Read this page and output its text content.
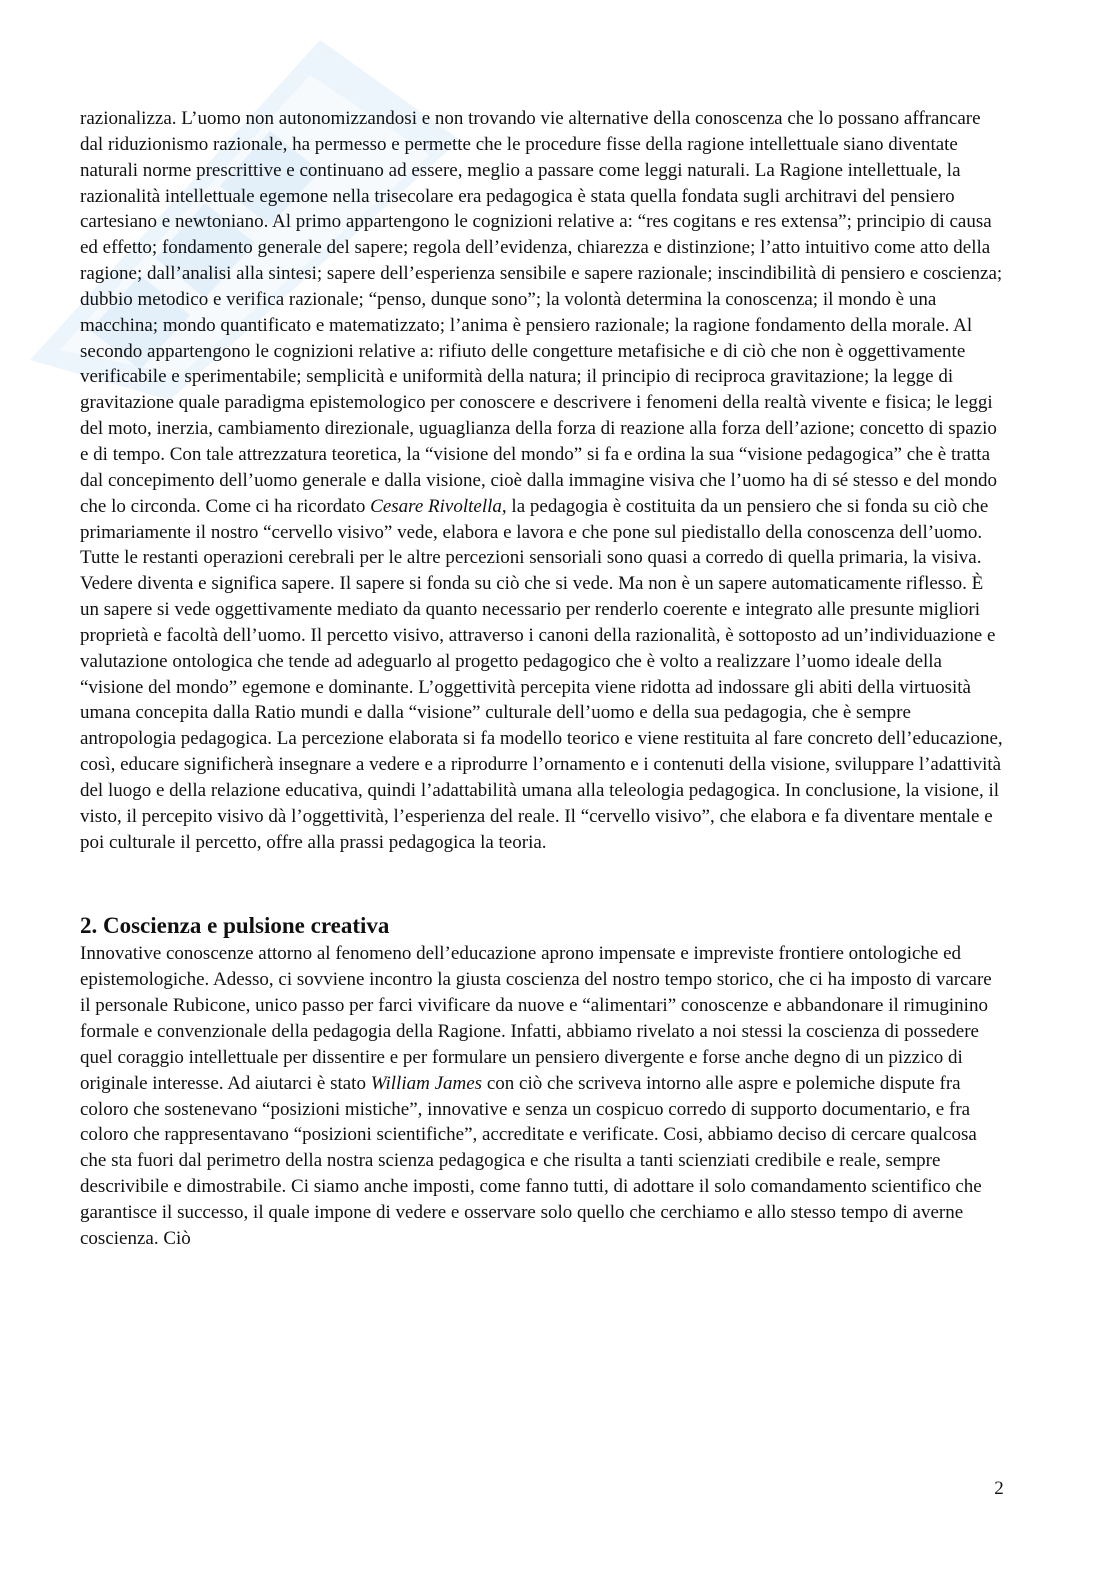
razionalizza. L’uomo non autonomizzandosi e non trovando vie alternative della conoscenza che lo possano affrancare dal riduzionismo razionale, ha permesso e permette che le procedure fisse della ragione intellettuale siano diventate naturali norme prescrittive e continuano ad essere, meglio a passare come leggi naturali. La Ragione intellettuale, la razionalità intellettuale egemone nella trisecolare era pedagogica è stata quella fondata sugli architravi del pensiero cartesiano e newtoniano. Al primo appartengono le cognizioni relative a: “res cogitans e res extensa”; principio di causa ed effetto; fondamento generale del sapere; regola dell’evidenza, chiarezza e distinzione; l’atto intuitivo come atto della ragione; dall’analisi alla sintesi; sapere dell’esperienza sensibile e sapere razionale; inscindibilità di pensiero e coscienza; dubbio metodico e verifica razionale; “penso, dunque sono”; la volontà determina la conoscenza; il mondo è una macchina; mondo quantificato e matematizzato; l’anima è pensiero razionale; la ragione fondamento della morale. Al secondo appartengono le cognizioni relative a: rifiuto delle congetture metafisiche e di ciò che non è oggettivamente verificabile e sperimentabile; semplicità e uniformità della natura; il principio di reciproca gravitazione; la legge di gravitazione quale paradigma epistemologico per conoscere e descrivere i fenomeni della realtà vivente e fisica; le leggi del moto, inerzia, cambiamento direzionale, uguaglianza della forza di reazione alla forza dell’azione; concetto di spazio e di tempo. Con tale attrezzatura teoretica, la “visione del mondo” si fa e ordina la sua “visione pedagogica” che è tratta dal concepimento dell’uomo generale e dalla visione, cioè dalla immagine visiva che l’uomo ha di sé stesso e del mondo che lo circonda. Come ci ha ricordato Cesare Rivoltella, la pedagogia è costituita da un pensiero che si fonda su ciò che primariamente il nostro “cervello visivo” vede, elabora e lavora e che pone sul piedistallo della conoscenza dell’uomo. Tutte le restanti operazioni cerebrali per le altre percezioni sensoriali sono quasi a corredo di quella primaria, la visiva. Vedere diventa e significa sapere. Il sapere si fonda su ciò che si vede. Ma non è un sapere automaticamente riflesso. È un sapere si vede oggettivamente mediato da quanto necessario per renderlo coerente e integrato alle presunte migliori proprietà e facoltà dell’uomo. Il percetto visivo, attraverso i canoni della razionalità, è sottoposto ad un’individuazione e valutazione ontologica che tende ad adeguarlo al progetto pedagogico che è volto a realizzare l’uomo ideale della “visione del mondo” egemone e dominante. L’oggettività percepita viene ridotta ad indossare gli abiti della virtuosità umana concepita dalla Ratio mundi e dalla “visione” culturale dell’uomo e della sua pedagogia, che è sempre antropologia pedagogica. La percezione elaborata si fa modello teorico e viene restituita al fare concreto dell’educazione, così, educare significherà insegnare a vedere e a riprodurre l’ornamento e i contenuti della visione, sviluppare l’adattività del luogo e della relazione educativa, quindi l’adattabilità umana alla teleologia pedagogica. In conclusione, la visione, il visto, il percepito visivo dà l’oggettività, l’esperienza del reale. Il “cervello visivo”, che elabora e fa diventare mentale e poi culturale il percetto, offre alla prassi pedagogica la teoria.

2. Coscienza e pulsione creativa

Innovative conoscenze attorno al fenomeno dell’educazione aprono impensate e impreviste frontiere ontologiche ed epistemologiche. Adesso, ci sovviene incontro la giusta coscienza del nostro tempo storico, che ci ha imposto di varcare il personale Rubicone, unico passo per farci vivificare da nuove e “alimentari” conoscenze e abbandonare il rimuginino formale e convenzionale della pedagogia della Ragione. Infatti, abbiamo rivelato a noi stessi la coscienza di possedere quel coraggio intellettuale per dissentire e per formulare un pensiero divergente e forse anche degno di un pizzico di originale interesse. Ad aiutarci è stato William James con ciò che scriveva intorno alle aspre e polemiche dispute fra coloro che sostenevano “posizioni mistiche”, innovative e senza un cospicuo corredo di supporto documentario, e fra coloro che rappresentavano “posizioni scientifiche”, accreditate e verificate. Cosi, abbiamo deciso di cercare qualcosa che sta fuori dal perimetro della nostra scienza pedagogica e che risulta a tanti scienziati credibile e reale, sempre descrivibile e dimostrabile. Ci siamo anche imposti, come fanno tutti, di adottare il solo comandamento scientifico che garantisce il successo, il quale impone di vedere e osservare solo quello che cerchiamo e allo stesso tempo di averne coscienza. Ciò

2
